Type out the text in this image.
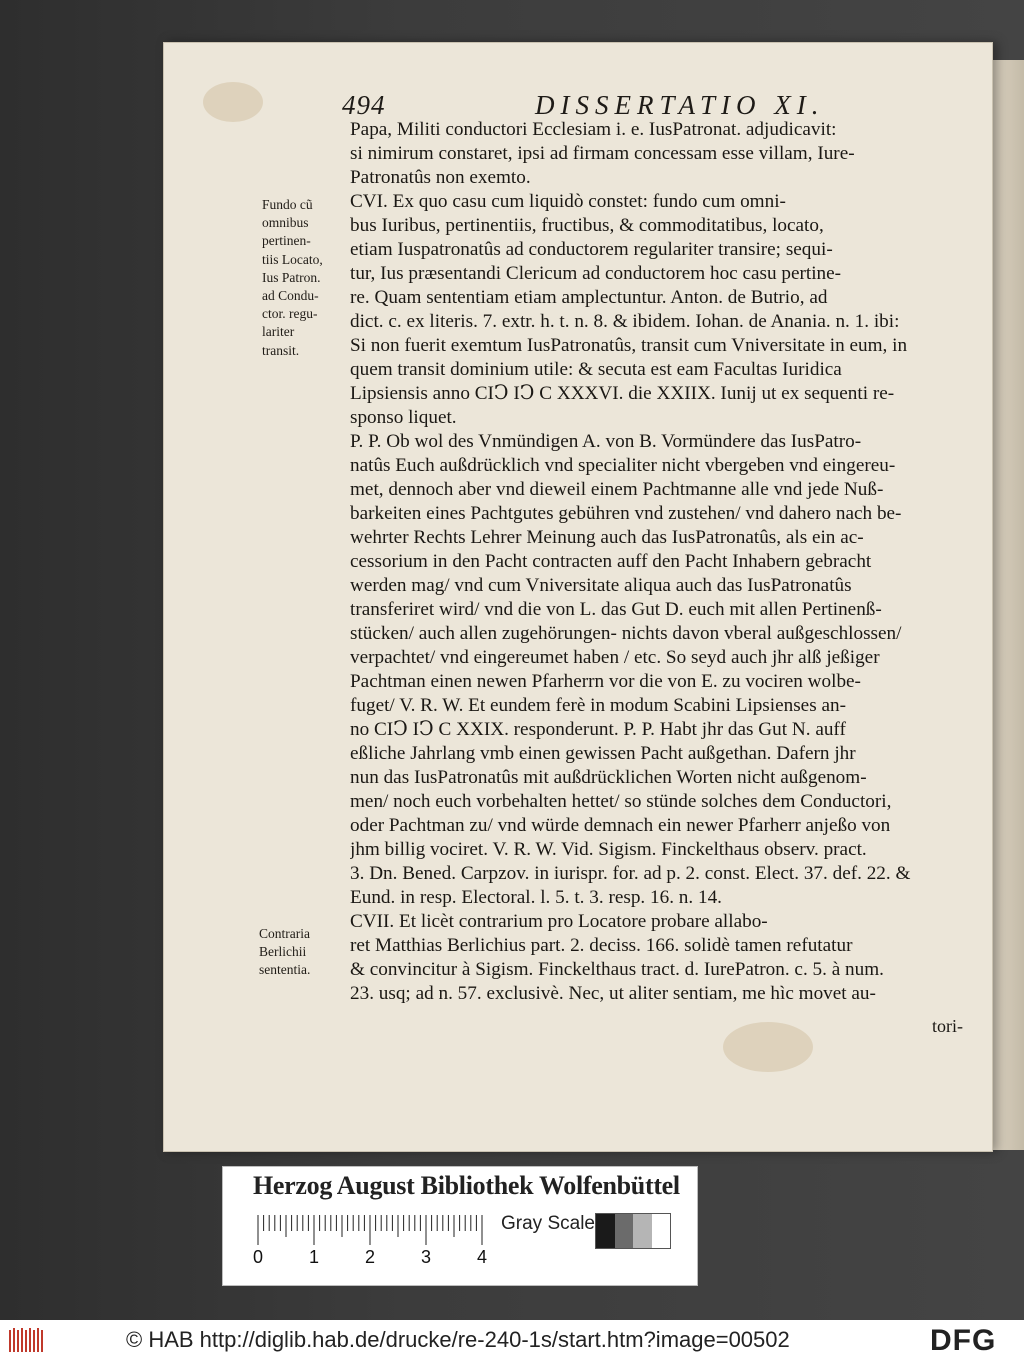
494	DISSERTATIO XI.
Fundo cũ
omnibus
pertinen-
tiis Locato,
Ius Patron.
ad Condu-
ctor. regu-
lariter
transit.
Contraria
Berlichii
sententia.
Papa, Militi conductori Ecclesiam i. e. IusPatronat. adjudicavit:
si nimirum constaret, ipsi ad firmam concessam esse villam, Iure-
Patronatûs non exemto.
CVI. Ex quo casu cum liquidò constet: fundo cum omni-
bus Iuribus, pertinentiis, fructibus, & commoditatibus, locato,
etiam Iuspatronatûs ad conductorem regulariter transire; sequi-
tur, Ius præsentandi Clericum ad conductorem hoc casu pertine-
re. Quam sententiam etiam amplectuntur. Anton. de Butrio, ad
dict. c. ex literis. 7. extr. h. t. n. 8. & ibidem. Iohan. de Anania. n. 1. ibi:
Si non fuerit exemtum IusPatronatûs, transit cum Vniversitate in eum, in
quem transit dominium utile: & secuta est eam Facultas Iuridica
Lipsiensis anno CIↃ IↃ C XXXVI. die XXIIX. Iunij ut ex sequenti re-
sponso liquet.
P. P. Ob wol des Vnmündigen A. von B. Vormündere das IusPatro-
natûs Euch außdrücklich vnd specialiter nicht vbergeben vnd eingereu-
met, dennoch aber vnd dieweil einem Pachtmanne alle vnd jede Nuß-
barkeiten eines Pachtgutes gebühren vnd zustehen/ vnd dahero nach be-
wehrter Rechts Lehrer Meinung auch das IusPatronatûs, als ein ac-
cessorium in den Pacht contracten auff den Pacht Inhabern gebracht
werden mag/ vnd cum Vniversitate aliqua auch das IusPatronatûs
transferiret wird/ vnd die von L. das Gut D. euch mit allen Pertinenß-
stücken/ auch allen zugehörungen- nichts davon vberal außgeschlossen/
verpachtet/ vnd eingereumet haben / etc. So seyd auch jhr alß jeßiger
Pachtman einen newen Pfarherrn vor die von E. zu vociren wolbe-
fuget/ V. R. W. Et eundem ferè in modum Scabini Lipsienses an-
no CIↃ IↃ C XXIX. responderunt. P. P. Habt jhr das Gut N. auff
eßliche Jahrlang vmb einen gewissen Pacht außgethan. Dafern jhr
nun das IusPatronatûs mit außdrücklichen Worten nicht außgenom-
men/ noch euch vorbehalten hettet/ so stünde solches dem Conductori,
oder Pachtman zu/ vnd würde demnach ein newer Pfarherr anjeßo von
jhm billig vociret. V. R. W. Vid. Sigism. Finckelthaus observ. pract.
3. Dn. Bened. Carpzov. in iurispr. for. ad p. 2. const. Elect. 37. def. 22. &
Eund. in resp. Electoral. l. 5. t. 3. resp. 16. n. 14.
CVII. Et licèt contrarium pro Locatore probare allabo-
ret Matthias Berlichius part. 2. deciss. 166. solidè tamen refutatur
& convincitur à Sigism. Finckelthaus tract. d. IurePatron. c. 5. à num.
23. usq; ad n. 57. exclusivè. Nec, ut aliter sentiam, me hìc movet au-
tori-
Herzog August Bibliothek Wolfenbüttel
0	1	2	3	4
Gray Scale
© HAB http://diglib.hab.de/drucke/re-240-1s/start.htm?image=00502	DFG
